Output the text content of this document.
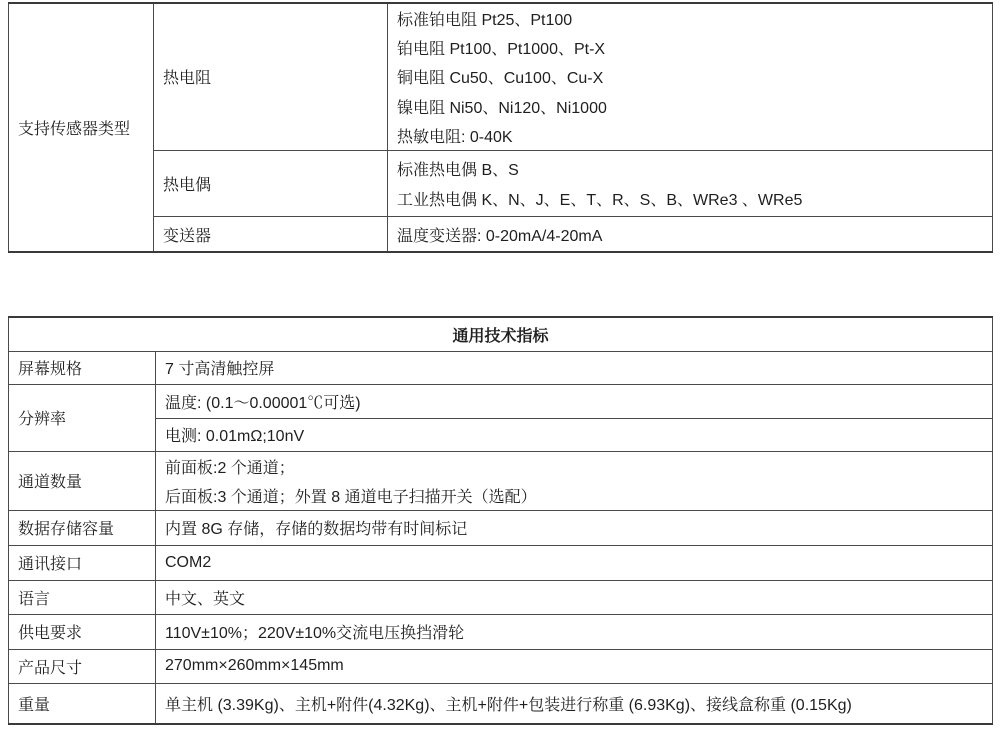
支持传感器类型	热电阻	标准铂电阻 Pt25、Pt100
铂电阻 Pt100、Pt1000、Pt-X
铜电阻 Cu50、Cu100、Cu-X
镍电阻 Ni50、Ni120、Ni1000
热敏电阻: 0-40K

	热电偶	标准热电偶 B、S
工业热电偶 K、N、J、E、T、R、S、B、WRe3 、WRe5

	变送器	温度变送器: 0-20mA/4-20mA
通用技术指标	
屏幕规格	7 寸高清触控屏
分辨率	温度: (0.1～0.00001℃可选)
	电测: 0.01mΩ;10nV
通道数量	前面板:2 个通道；
后面板:3 个通道；外置 8 通道电子扫描开关（选配）

数据存储容量	内置 8G 存储，存储的数据均带有时间标记
通讯接口	COM2
语言	中文、英文
供电要求	110V±10%；220V±10%交流电压换挡滑轮
产品尺寸	270mm×260mm×145mm
重量	单主机 (3.39Kg)、主机+附件(4.32Kg)、主机+附件+包装进行称重 (6.93Kg)、接线盒称重 (0.15Kg)
